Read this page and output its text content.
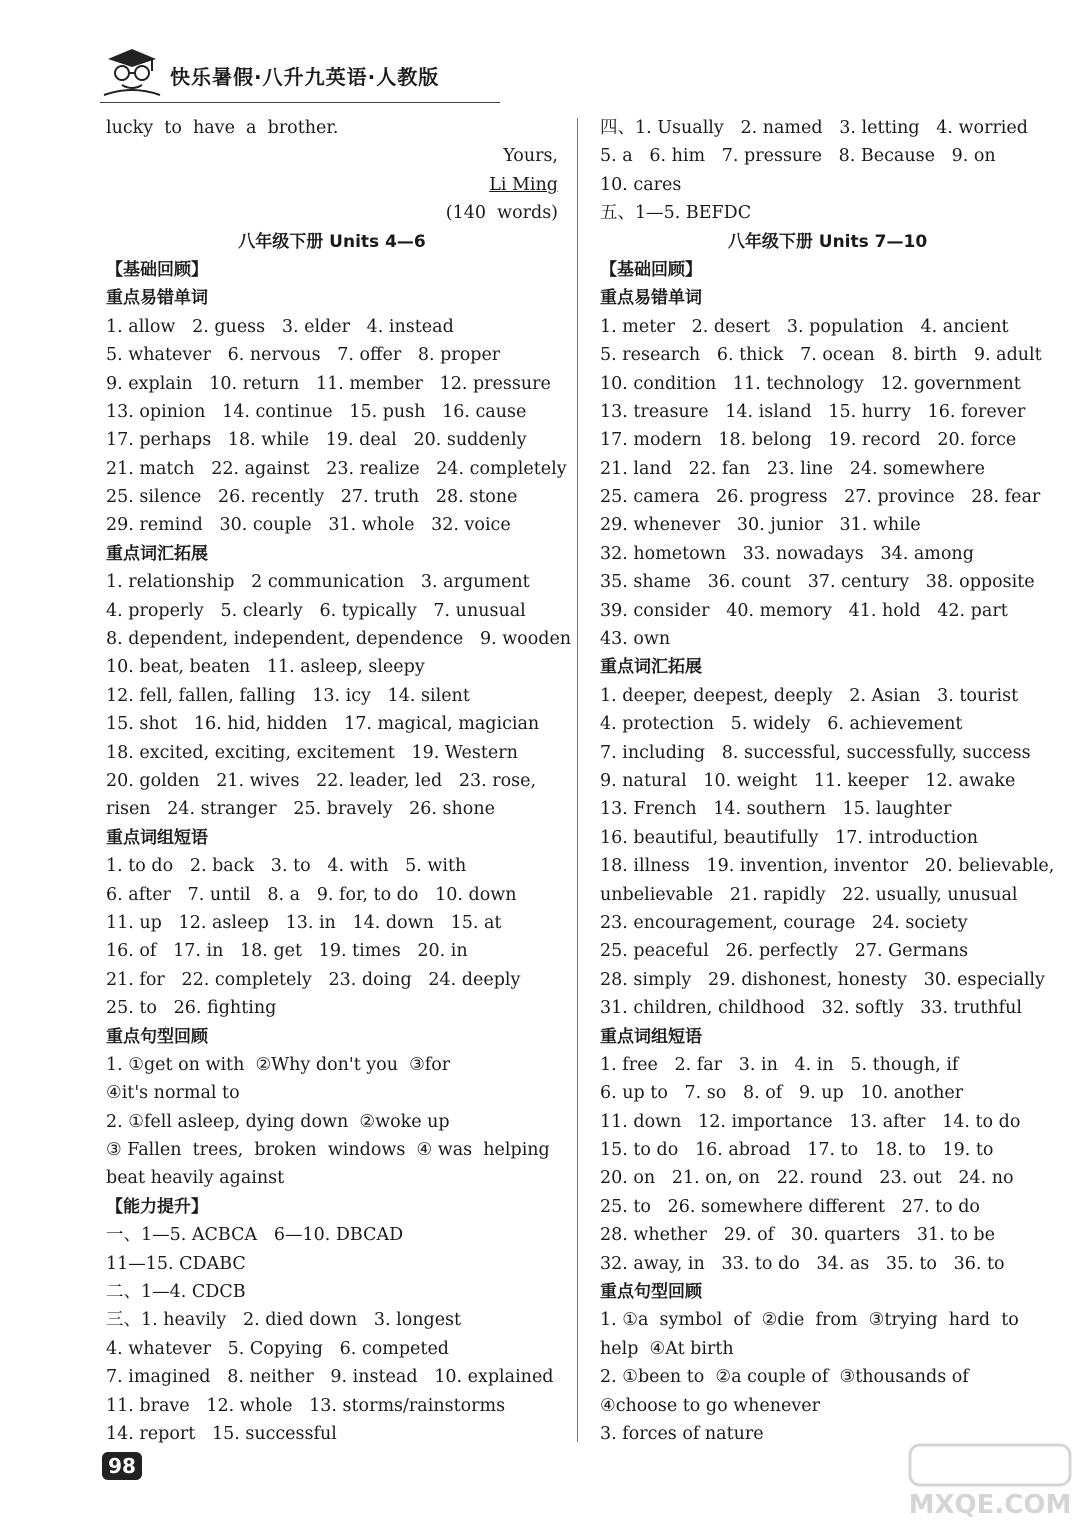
快乐暑假·八升九英语·人教版
lucky  to  have  a  brother.
Yours,
Li Ming
(140  words)
八年级下册 Units 4—6
【基础回顾】
重点易错单词
1. allow   2. guess   3. elder   4. instead
5. whatever   6. nervous   7. offer   8. proper
9. explain   10. return   11. member   12. pressure
13. opinion   14. continue   15. push   16. cause
17. perhaps   18. while   19. deal   20. suddenly
21. match   22. against   23. realize   24. completely
25. silence   26. recently   27. truth   28. stone
29. remind   30. couple   31. whole   32. voice
重点词汇拓展
1. relationship   2 communication   3. argument
4. properly   5. clearly   6. typically   7. unusual
8. dependent, independent, dependence   9. wooden
10. beat, beaten   11. asleep, sleepy
12. fell, fallen, falling   13. icy   14. silent
15. shot   16. hid, hidden   17. magical, magician
18. excited, exciting, excitement   19. Western
20. golden   21. wives   22. leader, led   23. rose,
risen   24. stranger   25. bravely   26. shone
重点词组短语
1. to do   2. back   3. to   4. with   5. with
6. after   7. until   8. a   9. for, to do   10. down
11. up   12. asleep   13. in   14. down   15. at
16. of   17. in   18. get   19. times   20. in
21. for   22. completely   23. doing   24. deeply
25. to   26. fighting
重点句型回顾
1. ①get on with  ②Why don't you  ③for
④it's normal to
2. ①fell asleep, dying down  ②woke up
③ Fallen  trees,  broken  windows  ④ was  helping
beat heavily against
【能力提升】
一、1—5. ACBCA   6—10. DBCAD
11—15. CDABC
二、1—4. CDCB
三、1. heavily   2. died down   3. longest
4. whatever   5. Copying   6. competed
7. imagined   8. neither   9. instead   10. explained
11. brave   12. whole   13. storms/rainstorms
14. report   15. successful
四、1. Usually   2. named   3. letting   4. worried
5. a   6. him   7. pressure   8. Because   9. on
10. cares
五、1—5. BEFDC
八年级下册 Units 7—10
【基础回顾】
重点易错单词
1. meter   2. desert   3. population   4. ancient
5. research   6. thick   7. ocean   8. birth   9. adult
10. condition   11. technology   12. government
13. treasure   14. island   15. hurry   16. forever
17. modern   18. belong   19. record   20. force
21. land   22. fan   23. line   24. somewhere
25. camera   26. progress   27. province   28. fear
29. whenever   30. junior   31. while
32. hometown   33. nowadays   34. among
35. shame   36. count   37. century   38. opposite
39. consider   40. memory   41. hold   42. part
43. own
重点词汇拓展
1. deeper, deepest, deeply   2. Asian   3. tourist
4. protection   5. widely   6. achievement
7. including   8. successful, successfully, success
9. natural   10. weight   11. keeper   12. awake
13. French   14. southern   15. laughter
16. beautiful, beautifully   17. introduction
18. illness   19. invention, inventor   20. believable,
unbelievable   21. rapidly   22. usually, unusual
23. encouragement, courage   24. society
25. peaceful   26. perfectly   27. Germans
28. simply   29. dishonest, honesty   30. especially
31. children, childhood   32. softly   33. truthful
重点词组短语
1. free   2. far   3. in   4. in   5. though, if
6. up to   7. so   8. of   9. up   10. another
11. down   12. importance   13. after   14. to do
15. to do   16. abroad   17. to   18. to   19. to
20. on   21. on, on   22. round   23. out   24. no
25. to   26. somewhere different   27. to do
28. whether   29. of   30. quarters   31. to be
32. away, in   33. to do   34. as   35. to   36. to
重点句型回顾
1. ①a  symbol  of  ②die  from  ③trying  hard  to
help  ④At birth
2. ①been to  ②a couple of  ③thousands of
④choose to go whenever
3. forces of nature
98
MXQE.COM
